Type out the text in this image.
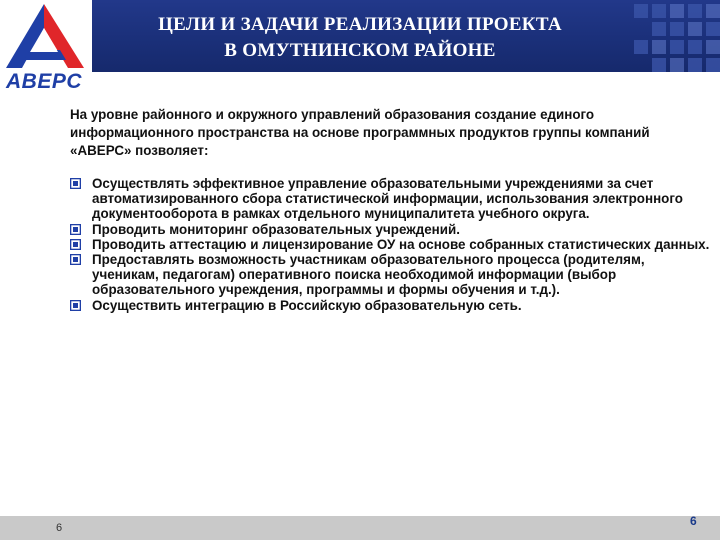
АВЕРС
ЦЕЛИ И ЗАДАЧИ РЕАЛИЗАЦИИ ПРОЕКТА
В ОМУТНИНСКОМ РАЙОНЕ
На уровне районного и окружного управлений образования создание единого информационного пространства на основе программных продуктов группы компаний «АВЕРС» позволяет:
Осуществлять эффективное управление образовательными учреждениями за счет автоматизированного сбора статистической информации, использования электронного документооборота в рамках отдельного муниципалитета учебного округа.
Проводить мониторинг образовательных учреждений.
Проводить аттестацию и лицензирование ОУ на основе собранных статистических данных.
Предоставлять возможность участникам образовательного процесса (родителям, ученикам, педагогам) оперативного поиска необходимой информации (выбор образовательного учреждения, программы и формы обучения и т.д.).
Осуществить интеграцию в Российскую образовательную сеть.
6	6
